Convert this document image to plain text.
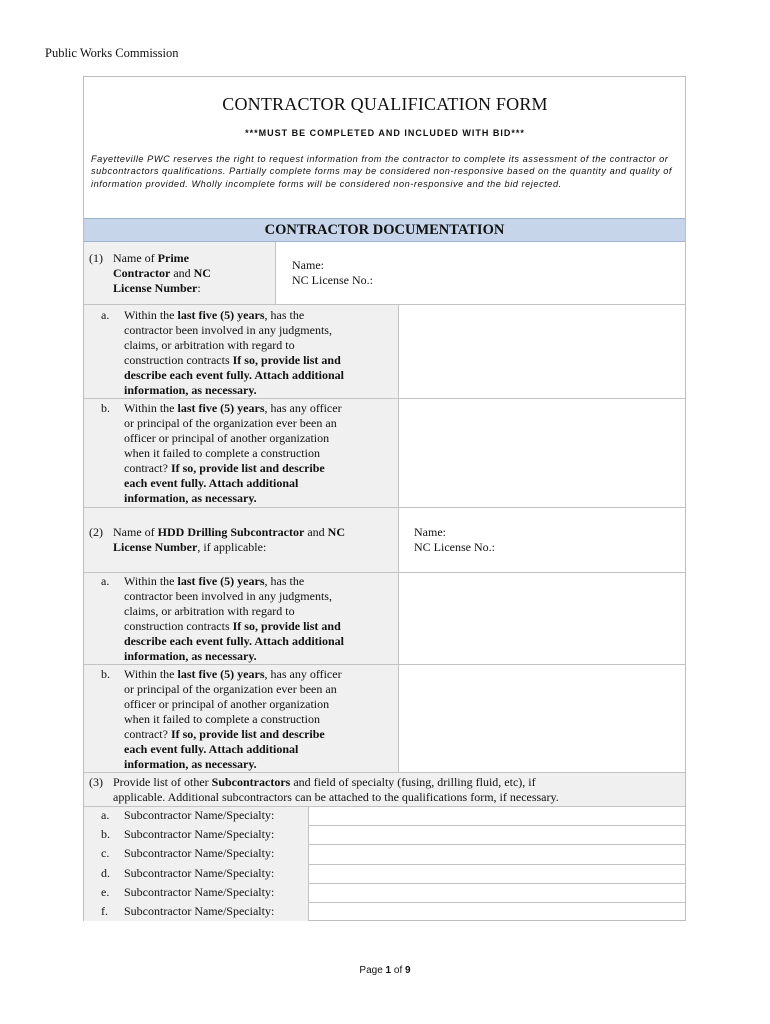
Public Works Commission
CONTRACTOR QUALIFICATION FORM
***MUST BE COMPLETED AND INCLUDED WITH BID***
Fayetteville PWC reserves the right to request information from the contractor to complete its assessment of the contractor or subcontractors qualifications. Partially complete forms may be considered non-responsive based on the quantity and quality of information provided. Wholly incomplete forms will be considered non-responsive and the bid rejected.
CONTRACTOR DOCUMENTATION
(1) Name of Prime
Contractor and NC
License Number:
Name:
NC License No.:
a. Within the last five (5) years, has the
contractor been involved in any judgments,
claims, or arbitration with regard to
construction contracts If so, provide list and
describe each event fully. Attach additional
information, as necessary.
b. Within the last five (5) years, has any officer
or principal of the organization ever been an
officer or principal of another organization
when it failed to complete a construction
contract? If so, provide list and describe
each event fully. Attach additional
information, as necessary.
(2) Name of HDD Drilling Subcontractor and NC
License Number, if applicable:
Name:
NC License No.:
a. Within the last five (5) years, has the
contractor been involved in any judgments,
claims, or arbitration with regard to
construction contracts If so, provide list and
describe each event fully. Attach additional
information, as necessary.
b. Within the last five (5) years, has any officer
or principal of the organization ever been an
officer or principal of another organization
when it failed to complete a construction
contract? If so, provide list and describe
each event fully. Attach additional
information, as necessary.
(3) Provide list of other Subcontractors and field of specialty (fusing, drilling fluid, etc), if
applicable. Additional subcontractors can be attached to the qualifications form, if necessary.
a. Subcontractor Name/Specialty:
b. Subcontractor Name/Specialty:
c. Subcontractor Name/Specialty:
d. Subcontractor Name/Specialty:
e. Subcontractor Name/Specialty:
f. Subcontractor Name/Specialty:
Page 1 of 9
